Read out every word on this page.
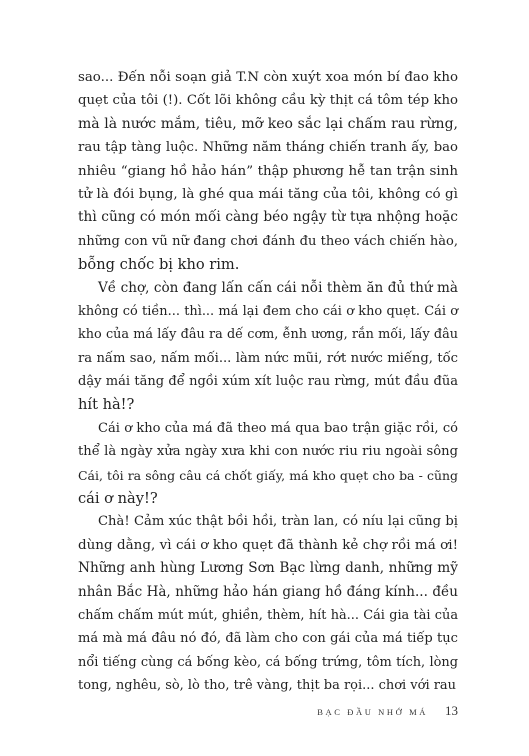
sao... Đến nỗi soạn giả T.N còn xuýt xoa món bí đao kho
quẹt của tôi (!). Cốt lõi không cầu kỳ thịt cá tôm tép kho
mà là nước mắm, tiêu, mỡ keo sắc lại chấm rau rừng,
rau tập tàng luộc. Những năm tháng chiến tranh ấy, bao
nhiêu “giang hồ hảo hán” thập phương hễ tan trận sinh
tử là đói bụng, là ghé qua mái tăng của tôi, không có gì
thì cũng có món mối càng béo ngậy từ tựa nhộng hoặc
những con vũ nữ đang chơi đánh đu theo vách chiến hào,
bỗng chốc bị kho rim.
Về chợ, còn đang lấn cấn cái nỗi thèm ăn đủ thứ mà
không có tiền... thì... má lại đem cho cái ơ kho quẹt. Cái ơ
kho của má lấy đâu ra dế cơm, ễnh ương, rắn mối, lấy đâu
ra nấm sao, nấm mối... làm nức mũi, rớt nước miếng, tốc
dậy mái tăng để ngồi xúm xít luộc rau rừng, mút đầu đũa
hít hà!?
Cái ơ kho của má đã theo má qua bao trận giặc rồi, có
thể là ngày xửa ngày xưa khi con nước riu riu ngoài sông
Cái, tôi ra sông câu cá chốt giấy, má kho quẹt cho ba - cũng
cái ơ này!?
Chà! Cảm xúc thật bồi hồi, tràn lan, có níu lại cũng bị
dùng dằng, vì cái ơ kho quẹt đã thành kẻ chợ rồi má ơi!
Những anh hùng Lương Sơn Bạc lừng danh, những mỹ
nhân Bắc Hà, những hảo hán giang hồ đáng kính... đều
chấm chấm mút mút, ghiền, thèm, hít hà... Cái gia tài của
má mà má đâu nó đó, đã làm cho con gái của má tiếp tục
nổi tiếng cùng cá bống kèo, cá bống trứng, tôm tích, lòng
tong, nghêu, sò, lò tho, trê vàng, thịt ba rọi... chơi với rau
BẠC ĐẦU NHỚ MÁ 13
